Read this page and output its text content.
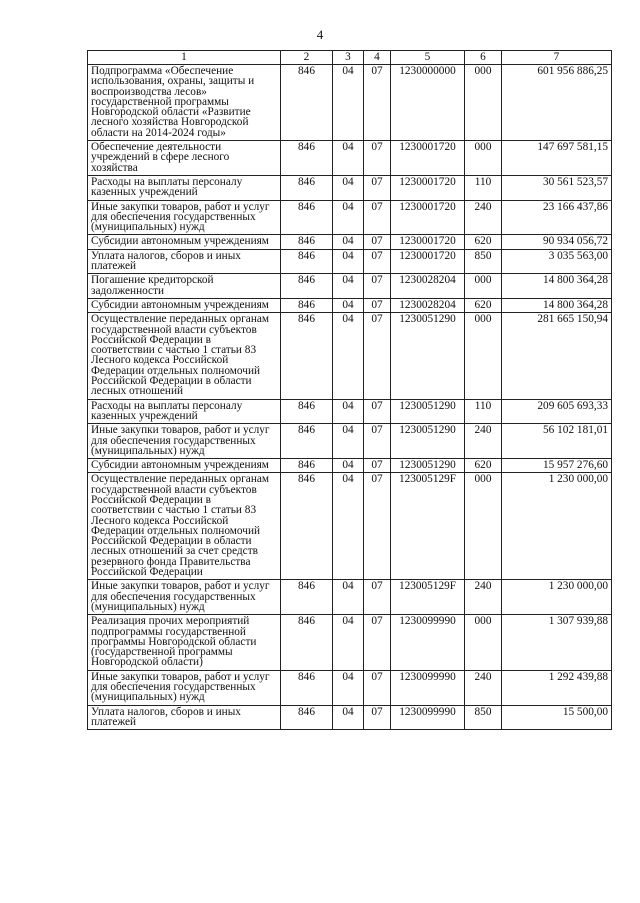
4
1	2	3	4	5	6	7
Подпрограмма «Обеспечение использования, охраны, защиты и воспроизводства лесов» государственной программы Новгородской области «Развитие лесного хозяйства Новгородской области на 2014-2024 годы»	846	04	07	1230000000	000	601 956 886,25
Обеспечение деятельности учреждений в сфере лесного хозяйства	846	04	07	1230001720	000	147 697 581,15
Расходы на выплаты персоналу казенных учреждений	846	04	07	1230001720	110	30 561 523,57
Иные закупки товаров, работ и услуг для обеспечения государственных (муниципальных) нужд	846	04	07	1230001720	240	23 166 437,86
Субсидии автономным учреждениям	846	04	07	1230001720	620	90 934 056,72
Уплата налогов, сборов и иных платежей	846	04	07	1230001720	850	3 035 563,00
Погашение кредиторской задолженности	846	04	07	1230028204	000	14 800 364,28
Субсидии автономным учреждениям	846	04	07	1230028204	620	14 800 364,28
Осуществление переданных органам государственной власти субъектов Российской Федерации в соответствии с частью 1 статьи 83 Лесного кодекса Российской Федерации отдельных полномочий Российской Федерации в области лесных отношений	846	04	07	1230051290	000	281 665 150,94
Расходы на выплаты персоналу казенных учреждений	846	04	07	1230051290	110	209 605 693,33
Иные закупки товаров, работ и услуг для обеспечения государственных (муниципальных) нужд	846	04	07	1230051290	240	56 102 181,01
Субсидии автономным учреждениям	846	04	07	1230051290	620	15 957 276,60
Осуществление переданных органам государственной власти субъектов Российской Федерации в соответствии с частью 1 статьи 83 Лесного кодекса Российской Федерации отдельных полномочий Российской Федерации в области лесных отношений за счет средств резервного фонда Правительства Российской Федерации	846	04	07	123005129F	000	1 230 000,00
Иные закупки товаров, работ и услуг для обеспечения государственных (муниципальных) нужд	846	04	07	123005129F	240	1 230 000,00
Реализация прочих мероприятий подпрограммы государственной программы Новгородской области (государственной программы Новгородской области)	846	04	07	1230099990	000	1 307 939,88
Иные закупки товаров, работ и услуг для обеспечения государственных (муниципальных) нужд	846	04	07	1230099990	240	1 292 439,88
Уплата налогов, сборов и иных платежей	846	04	07	1230099990	850	15 500,00
